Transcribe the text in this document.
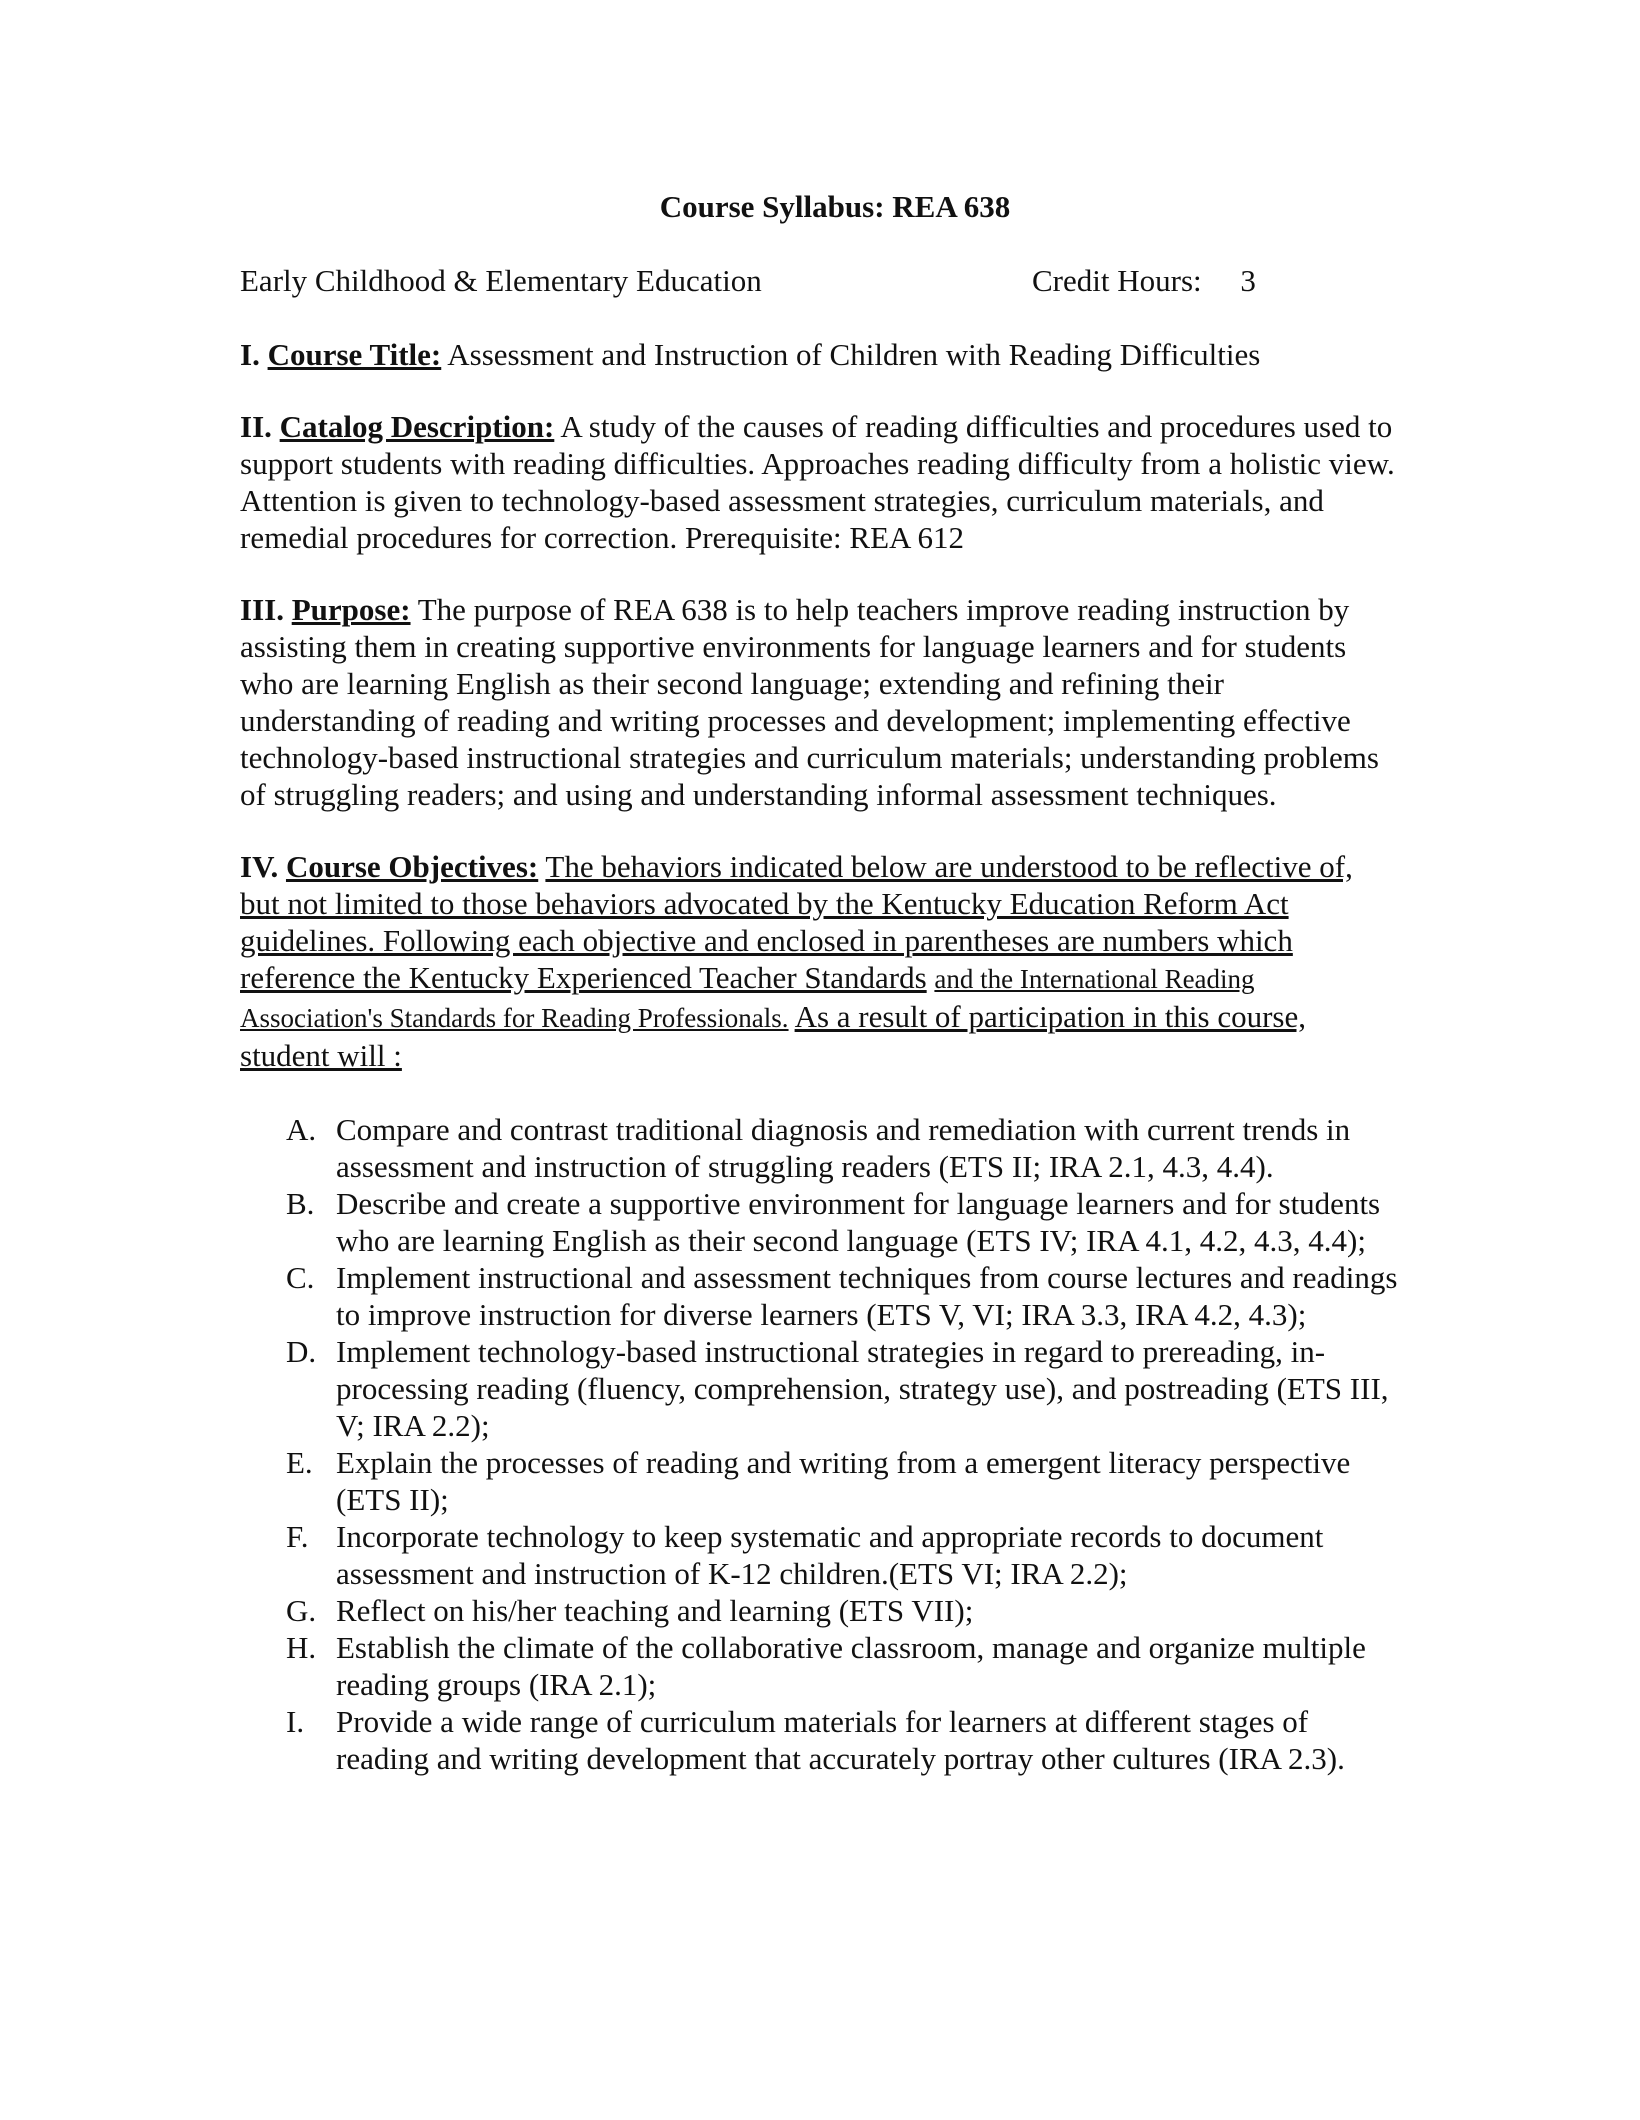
Course Syllabus: REA 638
Early Childhood & Elementary Education	Credit Hours: 3
I. Course Title: Assessment and Instruction of Children with Reading Difficulties
II. Catalog Description: A study of the causes of reading difficulties and procedures used to support students with reading difficulties. Approaches reading difficulty from a holistic view. Attention is given to technology-based assessment strategies, curriculum materials, and remedial procedures for correction. Prerequisite: REA 612
III. Purpose: The purpose of REA 638 is to help teachers improve reading instruction by assisting them in creating supportive environments for language learners and for students who are learning English as their second language; extending and refining their understanding of reading and writing processes and development; implementing effective technology-based instructional strategies and curriculum materials; understanding problems of struggling readers; and using and understanding informal assessment techniques.
IV. Course Objectives: The behaviors indicated below are understood to be reflective of, but not limited to those behaviors advocated by the Kentucky Education Reform Act guidelines. Following each objective and enclosed in parentheses are numbers which reference the Kentucky Experienced Teacher Standards and the International Reading Association's Standards for Reading Professionals. As a result of participation in this course, student will :
A. Compare and contrast traditional diagnosis and remediation with current trends in assessment and instruction of struggling readers (ETS II; IRA 2.1, 4.3, 4.4).
B. Describe and create a supportive environment for language learners and for students who are learning English as their second language (ETS IV; IRA 4.1, 4.2, 4.3, 4.4);
C. Implement instructional and assessment techniques from course lectures and readings to improve instruction for diverse learners (ETS V, VI; IRA 3.3, IRA 4.2, 4.3);
D. Implement technology-based instructional strategies in regard to prereading, in-processing reading (fluency, comprehension, strategy use), and postreading (ETS III, V; IRA 2.2);
E. Explain the processes of reading and writing from a emergent literacy perspective (ETS II);
F. Incorporate technology to keep systematic and appropriate records to document assessment and instruction of K-12 children.(ETS VI; IRA 2.2);
G. Reflect on his/her teaching and learning (ETS VII);
H. Establish the climate of the collaborative classroom, manage and organize multiple reading groups (IRA 2.1);
I. Provide a wide range of curriculum materials for learners at different stages of reading and writing development that accurately portray other cultures (IRA 2.3).
